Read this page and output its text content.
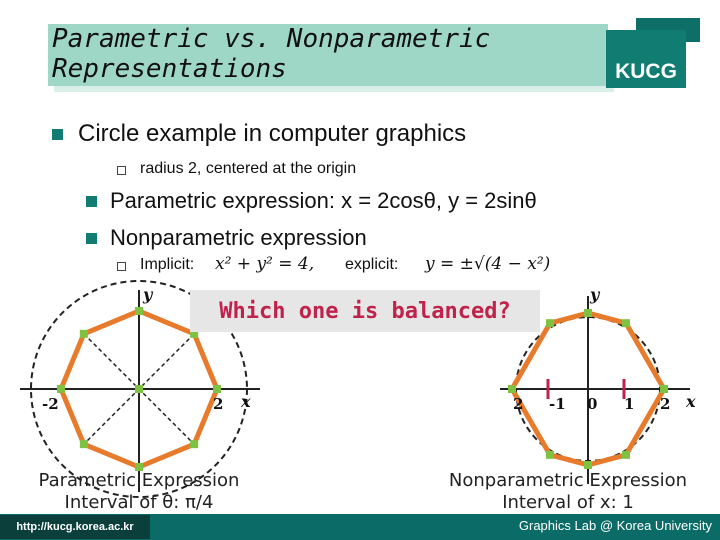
Parametric vs. Nonparametric
Representations	KUCG
Circle example in computer graphics
radius 2, centered at the origin
Parametric expression: x = 2cosθ, y = 2sinθ
Nonparametric expression
Implicit: x² + y² = 4, explicit: y = ±√(4 − x²)
Which one is balanced?
y
x
-2	2
Parametric Expression
Interval of θ: π/4
y
x
2 -1 0 1 2
Nonparametric Expression
Interval of x: 1
http://kucg.korea.ac.kr	Graphics Lab @ Korea University
